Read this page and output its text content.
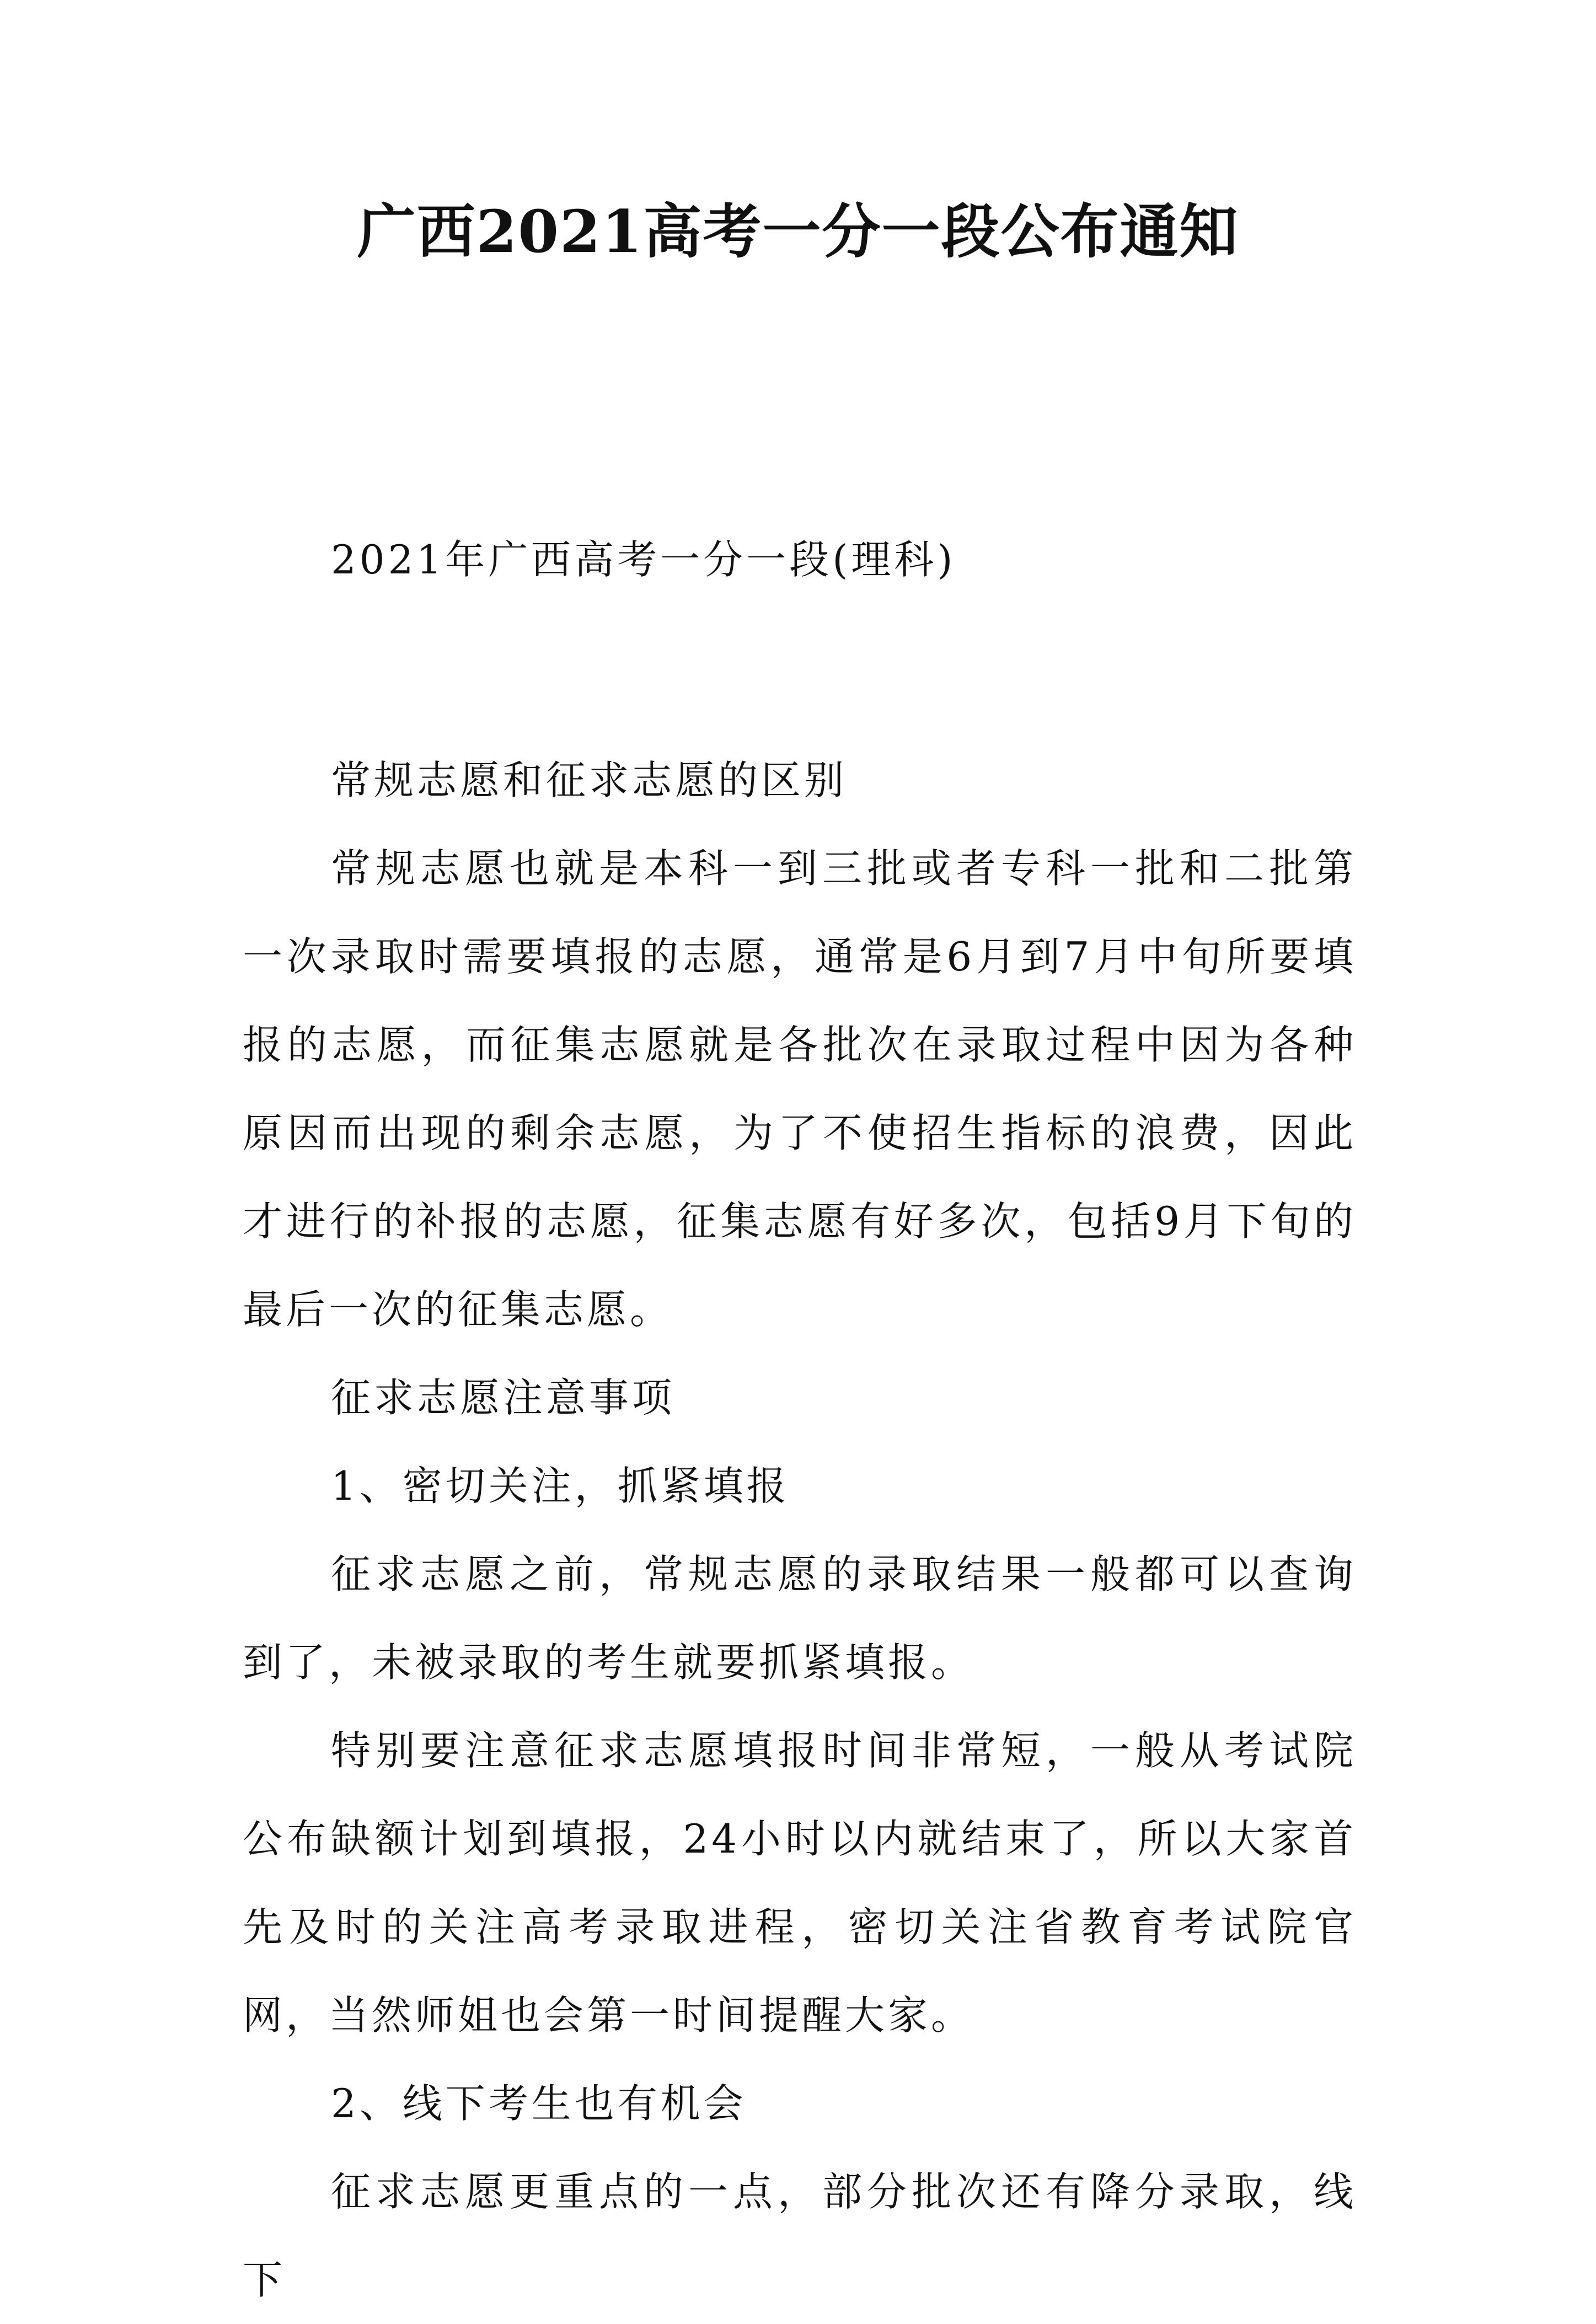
广西2021高考一分一段公布通知
2021年广西高考一分一段(理科)

常规志愿和征求志愿的区别

常规志愿也就是本科一到三批或者专科一批和二批第一次录取时需要填报的志愿，通常是6月到7月中旬所要填报的志愿，而征集志愿就是各批次在录取过程中因为各种原因而出现的剩余志愿，为了不使招生指标的浪费，因此才进行的补报的志愿，征集志愿有好多次，包括9月下旬的最后一次的征集志愿。

征求志愿注意事项

1、密切关注，抓紧填报

征求志愿之前，常规志愿的录取结果一般都可以查询到了，未被录取的考生就要抓紧填报。

特别要注意征求志愿填报时间非常短，一般从考试院公布缺额计划到填报，24小时以内就结束了，所以大家首先及时的关注高考录取进程，密切关注省教育考试院官网，当然师姐也会第一时间提醒大家。

2、线下考生也有机会

征求志愿更重点的一点，部分批次还有降分录取，线下
